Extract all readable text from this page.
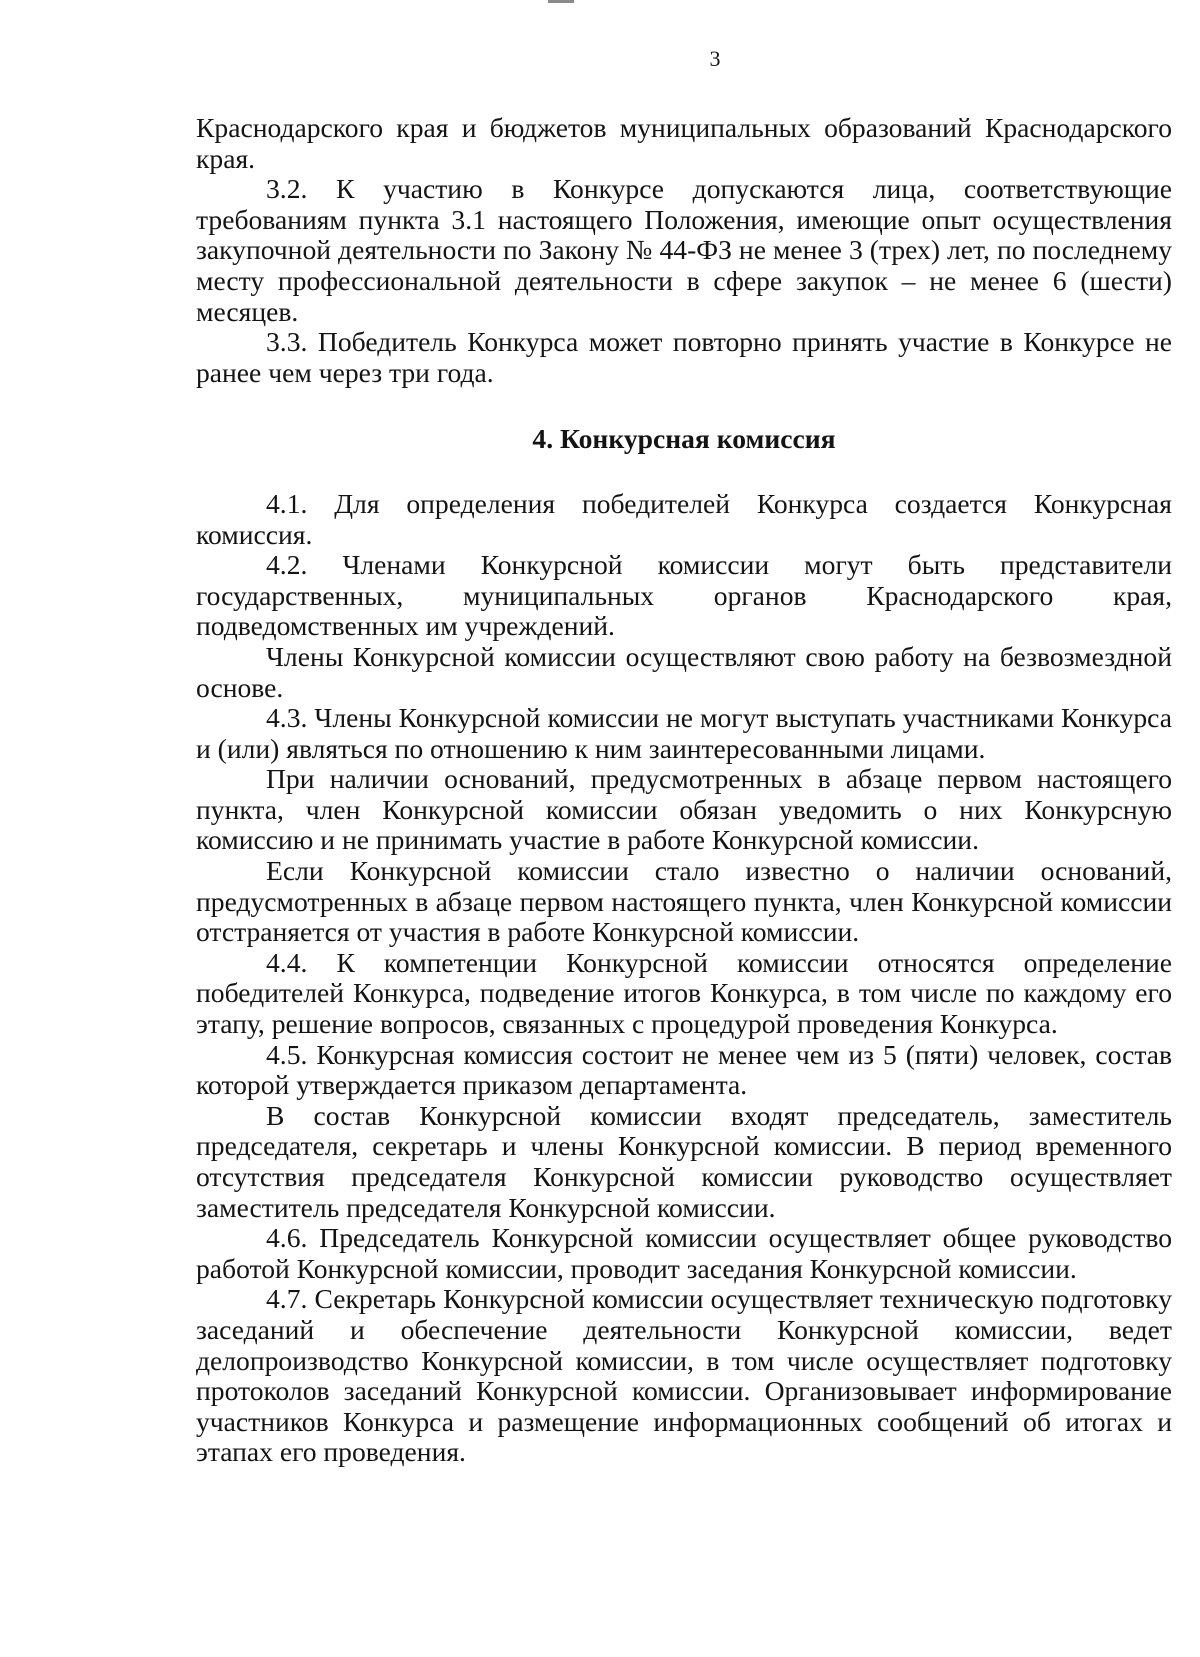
3

Краснодарского края и бюджетов муниципальных образований Краснодарского края.

3.2. К участию в Конкурсе допускаются лица, соответствующие требованиям пункта 3.1 настоящего Положения, имеющие опыт осуществления закупочной деятельности по Закону № 44-ФЗ не менее 3 (трех) лет, по последнему месту профессиональной деятельности в сфере закупок – не менее 6 (шести) месяцев.

3.3. Победитель Конкурса может повторно принять участие в Конкурсе не ранее чем через три года.

4. Конкурсная комиссия

4.1. Для определения победителей Конкурса создается Конкурсная комиссия.

4.2. Членами Конкурсной комиссии могут быть представители государственных, муниципальных органов Краснодарского края, подведомственных им учреждений.

Члены Конкурсной комиссии осуществляют свою работу на безвозмездной основе.

4.3. Члены Конкурсной комиссии не могут выступать участниками Конкурса и (или) являться по отношению к ним заинтересованными лицами.

При наличии оснований, предусмотренных в абзаце первом настоящего пункта, член Конкурсной комиссии обязан уведомить о них Конкурсную комиссию и не принимать участие в работе Конкурсной комиссии.

Если Конкурсной комиссии стало известно о наличии оснований, предусмотренных в абзаце первом настоящего пункта, член Конкурсной комиссии отстраняется от участия в работе Конкурсной комиссии.

4.4. К компетенции Конкурсной комиссии относятся определение победителей Конкурса, подведение итогов Конкурса, в том числе по каждому его этапу, решение вопросов, связанных с процедурой проведения Конкурса.

4.5. Конкурсная комиссия состоит не менее чем из 5 (пяти) человек, состав которой утверждается приказом департамента.

В состав Конкурсной комиссии входят председатель, заместитель председателя, секретарь и члены Конкурсной комиссии. В период временного отсутствия председателя Конкурсной комиссии руководство осуществляет заместитель председателя Конкурсной комиссии.

4.6. Председатель Конкурсной комиссии осуществляет общее руководство работой Конкурсной комиссии, проводит заседания Конкурсной комиссии.

4.7. Секретарь Конкурсной комиссии осуществляет техническую подготовку заседаний и обеспечение деятельности Конкурсной комиссии, ведет делопроизводство Конкурсной комиссии, в том числе осуществляет подготовку протоколов заседаний Конкурсной комиссии. Организовывает информирование участников Конкурса и размещение информационных сообщений об итогах и этапах его проведения.
